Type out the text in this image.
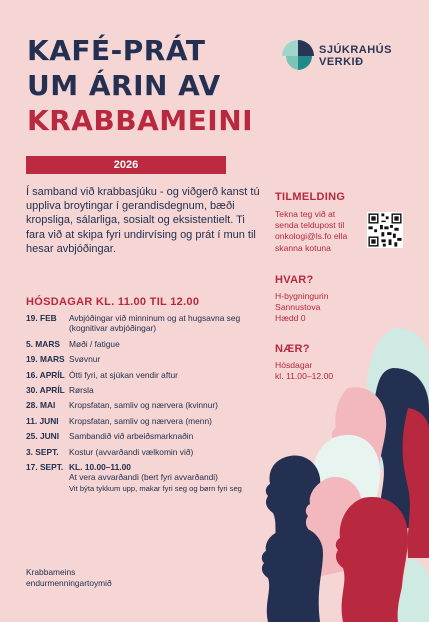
KAFÉ-PRÁT
UM ÁRIN AV
KRABBAMEINI
SJÚKRAHÚS
VERKIÐ
2026
Í samband við krabbasjúku - og viðgerð kanst tú uppliva broytingar í gerandisdegnum, bæði kropsliga, sálarliga, sosialt og eksistentielt. Ti fara við at skipa fyri undirvísing og prát í mun til hesar avbjóðingar.
HÓSDAGAR KL. 11.00 TIL 12.00
19. FEB	Avbjóðingar við minninum og at hugsavna seg (kognitivar avbjóðingar)
5. MARS	Møði / fatigue
19. MARS Svøvnur
16. APRÍL Ótti fyri, at sjúkan vendir aftur
30. APRÍL Rørsla
28. MAI	Kropsfatan, samliv og nærvera (kvinnur)
11. JUNI	Kropsfatan, samliv og nærvera (menn)
25. JUNI	Sambandið við arbeiðsmarknaðin
3. SEPT.	Kostur (avvarðandi vælkomin við)
17. SEPT. KL. 10.00–11.00
At vera avvarðandi (bert fyri avvarðandi)
Vit býta tykkum upp, makar fyri seg og børn fyri seg
Krabbameins
endurmenningartoymið
TILMELDING
Tekna teg við at
senda teldupost til
onkologi@ls.fo ella
skanna kotuna
HVAR?
H-bygningurin
Sannustova
Hædd 0
NÆR?
Hósdagar
kl. 11.00–12.00
